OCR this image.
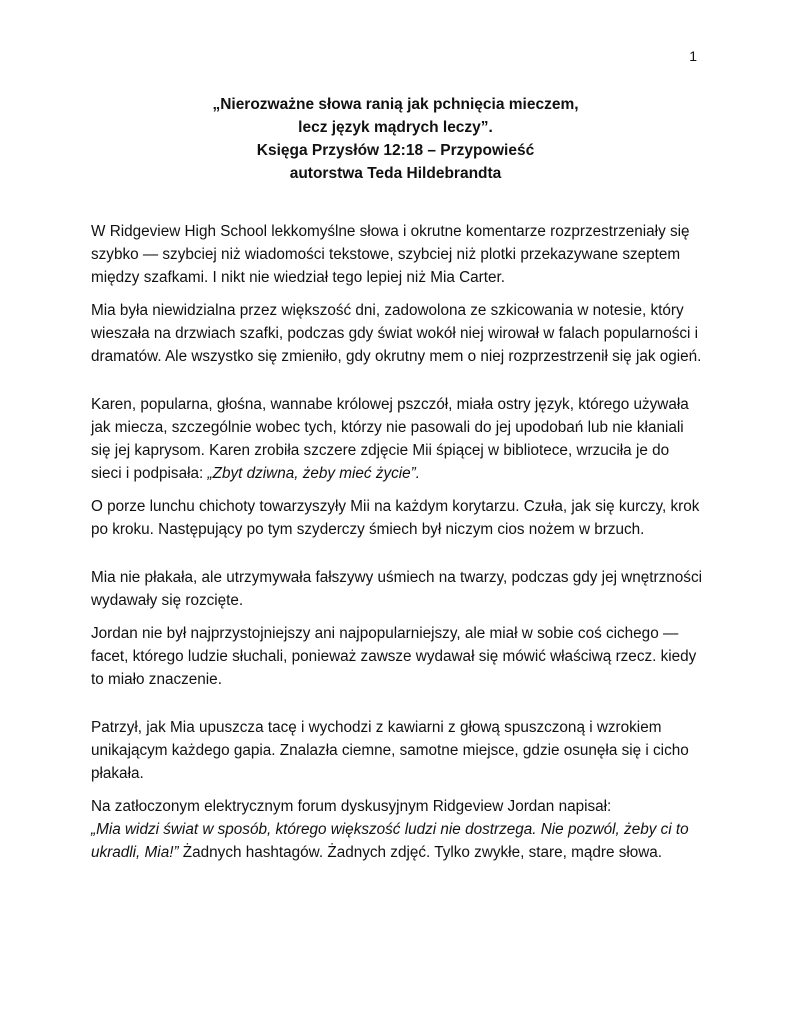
1
„Nierozważne słowa ranią jak pchnięcia mieczem,
lecz język mądrych leczy”.
Księga Przysłów 12:18 – Przypowieść
autorstwa Teda Hildebrandta

W Ridgeview High School lekkomyślne słowa i okrutne komentarze rozprzestrzeniały się szybko — szybciej niż wiadomości tekstowe, szybciej niż plotki przekazywane szeptem między szafkami. I nikt nie wiedział tego lepiej niż Mia Carter.

Mia była niewidzialna przez większość dni, zadowolona ze szkicowania w notesie, który wieszała na drzwiach szafki, podczas gdy świat wokół niej wirował w falach popularności i dramatów. Ale wszystko się zmieniło, gdy okrutny mem o niej rozprzestrzenił się jak ogień.

Karen, popularna, głośna, wannabe królowej pszczół, miała ostry język, którego używała jak miecza, szczególnie wobec tych, którzy nie pasowali do jej upodobań lub nie kłaniali się jej kaprysom. Karen zrobiła szczere zdjęcie Mii śpiącej w bibliotece, wrzuciła je do sieci i podpisała: „Zbyt dziwna, żeby mieć życie”.

O porze lunchu chichoty towarzyszyły Mii na każdym korytarzu. Czuła, jak się kurczy, krok po kroku. Następujący po tym szyderczy śmiech był niczym cios nożem w brzuch.

Mia nie płakała, ale utrzymywała fałszywy uśmiech na twarzy, podczas gdy jej wnętrzności wydawały się rozcięte.

Jordan nie był najprzystojniejszy ani najpopularniejszy, ale miał w sobie coś cichego — facet, którego ludzie słuchali, ponieważ zawsze wydawał się mówić właściwą rzecz. kiedy to miało znaczenie.

Patrzył, jak Mia upuszcza tacę i wychodzi z kawiarni z głową spuszczoną i wzrokiem unikającym każdego gapia. Znalazła ciemne, samotne miejsce, gdzie osunęła się i cicho płakała.

Na zatłoczonym elektrycznym forum dyskusyjnym Ridgeview Jordan napisał:
„Mia widzi świat w sposób, którego większość ludzi nie dostrzega. Nie pozwól, żeby ci to ukradli, Mia!” Żadnych hashtagów. Żadnych zdjęć. Tylko zwykłe, stare, mądre słowa.
